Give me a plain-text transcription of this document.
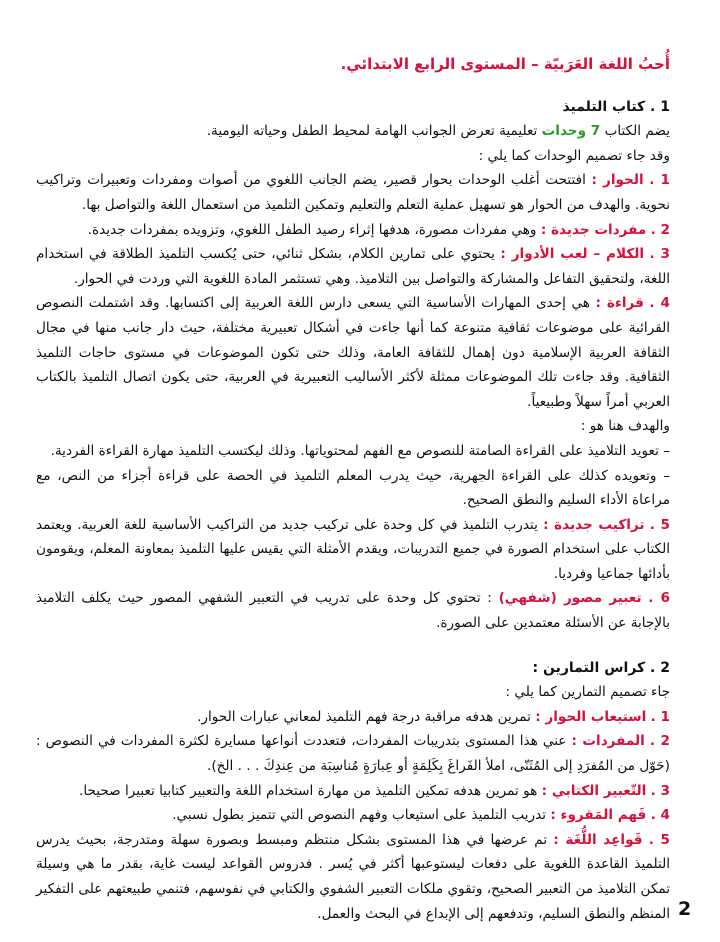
أُحبُ اللغة العَرَبيّة – المستوى الرابع الابتدائي.
1 . كتاب التلميذ

يضم الكتاب 7 وحدات تعليمية تعرض الجوانب الهامة لمحيط الطفل وحياته اليومية.

وقد جاء تصميم الوحدات كما يلي :

1 . الحوار : افتتحت أغلب الوحدات بحوار قصير، يضم الجانب اللغوي من أصوات ومفردات وتعبيرات وتراكيب نحوية. والهدف من الحوار هو تسهيل عملية التعلم والتعليم وتمكين التلميذ من استعمال اللغة والتواصل بها.

2 . مفردات جديدة : وهي مفردات مصورة، هدفها إثراء رصيد الطفل اللغوي، وتزويده بمفردات جديدة.

3 . الكلام – لعب الأدوار : يحتوي على تمارين الكلام، بشكل ثنائي، حتى يُكسب التلميذ الطلاقة في استخدام اللغة، ولتحقيق التفاعل والمشاركة والتواصل بين التلاميذ. وهي تستثمر المادة اللغوية التي وردت في الحوار.

4 . قراءة : هي إحدى المهارات الأساسية التي يسعى دارس اللغة العربية إلى اكتسابها. وقد اشتملت النصوص القرائية على موضوعات ثقافية متنوعة كما أنها جاءت في أشكال تعبيرية مختلفة، حيث دار جانب منها في مجال الثقافة العربية الإسلامية دون إهمال للثقافة العامة، وذلك حتى تكون الموضوعات في مستوى حاجات التلميذ الثقافية. وقد جاءت تلك الموضوعات ممثلة لأكثر الأساليب التعبيرية في العربية، حتى يكون اتصال التلميذ بالكتاب العربي أمراً سهلاً وطبيعياً.

والهدف هنا هو :

– تعويد التلاميذ على القراءة الصامتة للنصوص مع الفهم لمحتوياتها. وذلك ليكتسب التلميذ مهارة القراءة الفردية.

– وتعويده كذلك على القراءة الجهرية، حيث يدرب المعلم التلميذ في الحصة على قراءة أجزاء من النص، مع مراعاة الأداء السليم والنطق الصحيح.

5 . تراكيب جديدة : يتدرب التلميذ في كل وحدة على تركيب جديد من التراكيب الأساسية للغة العربية. ويعتمد الكتاب على استخدام الصورة في جميع التدريبات، ويقدم الأمثلة التي يقيس عليها التلميذ بمعاونة المعلم، ويقومون بأدائها جماعيا وفرديا.

6 . تعبير مصور (شفهي) : تحتوي كل وحدة على تدريب في التعبير الشفهي المصور حيث يكلف التلاميذ بالإجابة عن الأسئلة معتمدين على الصورة.

2 . كراس التمارين :

جاء تصميم التمارين كما يلي :

1 . استيعاب الحوار : تمرين هدفه مراقبة درجة فهم التلميذ لمعاني عبارات الحوار.

2 . المفردات : عني هذا المستوى بتدريبات المفردات، فتعددت أنواعها مسايرة لكثرة المفردات في النصوص : (حَوّل من المُفرَدِ إلى المُثَنّى، املأ الفَراغَ بِكَلِمَةٍ أو عِبارَةٍ مُناسِبَة من عِندِكَ . . . الخ).

3 . التّعبير الكتابي : هو تمرين هدفه تمكين التلميذ من مهارة استخدام اللغة والتعبير كتابيا تعبيرا صحيحا.

4 . فَهم المَقروء : تدريب التلميذ على استيعاب وفهم النصوص التي تتميز بطول نسبي.

5 . قَواعِد اللُّغَة : تم عرضها في هذا المستوى بشكل منتظم ومبسط وبصورة سهلة ومتدرجة، بحيث يدرس التلميذ القاعدة اللغوية على دفعات ليستوعبها أكثر في يُسر . فدروس القواعد ليست غاية، بقدر ما هي وسيلة تمكن التلاميذ من التعبير الصحيح، وتقوي ملكات التعبير الشفوي والكتابي في نفوسهم، فتنمي طبيعتهم على التفكير المنظم والنطق السليم، وتدفعهم إلى الإبداع في البحث والعمل. 2
